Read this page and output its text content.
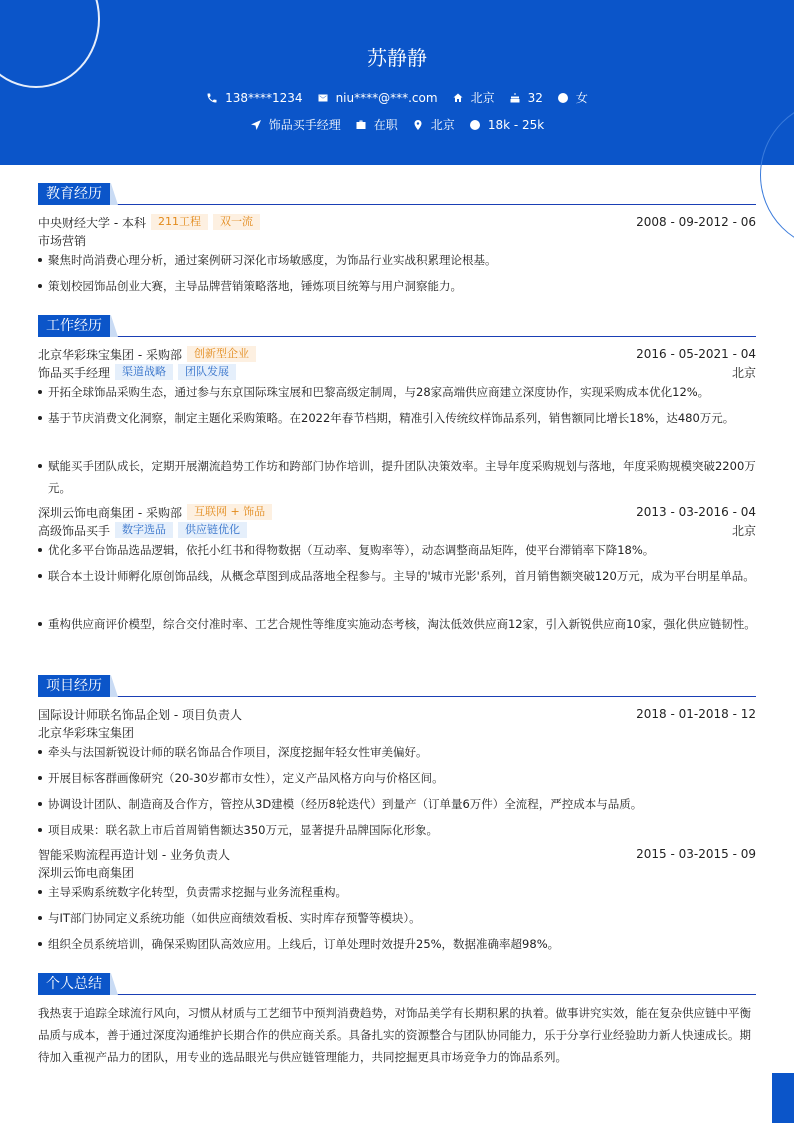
苏静静
138****1234	niu****@***.com	北京	32	女
饰品买手经理	在职	北京	18k - 25k
教育经历
中央财经大学 - 本科	211工程	双一流	2008 - 09-2012 - 06
市场营销
聚焦时尚消费心理分析，通过案例研习深化市场敏感度，为饰品行业实战积累理论根基。
策划校园饰品创业大赛，主导品牌营销策略落地，锤炼项目统筹与用户洞察能力。
工作经历
北京华彩珠宝集团 - 采购部	创新型企业	2016 - 05-2021 - 04
饰品买手经理	渠道战略	团队发展	北京
开拓全球饰品采购生态，通过参与东京国际珠宝展和巴黎高级定制周，与28家高端供应商建立深度协作，实现采购成本优化12%。
基于节庆消费文化洞察，制定主题化采购策略。在2022年春节档期，精准引入传统纹样饰品系列，销售额同比增长18%，达480万元。
赋能买手团队成长，定期开展潮流趋势工作坊和跨部门协作培训，提升团队决策效率。主导年度采购规划与落地，年度采购规模突破2200万元。
深圳云饰电商集团 - 采购部	互联网 + 饰品	2013 - 03-2016 - 04
高级饰品买手	数字选品	供应链优化	北京
优化多平台饰品选品逻辑，依托小红书和得物数据（互动率、复购率等），动态调整商品矩阵，使平台滞销率下降18%。
联合本土设计师孵化原创饰品线，从概念草图到成品落地全程参与。主导的'城市光影'系列，首月销售额突破120万元，成为平台明星单品。
重构供应商评价模型，综合交付准时率、工艺合规性等维度实施动态考核，淘汰低效供应商12家，引入新锐供应商10家，强化供应链韧性。
项目经历
国际设计师联名饰品企划 - 项目负责人	2018 - 01-2018 - 12
北京华彩珠宝集团
牵头与法国新锐设计师的联名饰品合作项目，深度挖掘年轻女性审美偏好。
开展目标客群画像研究（20-30岁都市女性），定义产品风格方向与价格区间。
协调设计团队、制造商及合作方，管控从3D建模（经历8轮迭代）到量产（订单量6万件）全流程，严控成本与品质。
项目成果：联名款上市后首周销售额达350万元，显著提升品牌国际化形象。
智能采购流程再造计划 - 业务负责人	2015 - 03-2015 - 09
深圳云饰电商集团
主导采购系统数字化转型，负责需求挖掘与业务流程重构。
与IT部门协同定义系统功能（如供应商绩效看板、实时库存预警等模块）。
组织全员系统培训，确保采购团队高效应用。上线后，订单处理时效提升25%，数据准确率超98%。
个人总结
我热衷于追踪全球流行风向，习惯从材质与工艺细节中预判消费趋势，对饰品美学有长期积累的执着。做事讲究实效，能在复杂供应链中平衡品质与成本，善于通过深度沟通维护长期合作的供应商关系。具备扎实的资源整合与团队协同能力，乐于分享行业经验助力新人快速成长。期待加入重视产品力的团队，用专业的选品眼光与供应链管理能力，共同挖掘更具市场竞争力的饰品系列。
